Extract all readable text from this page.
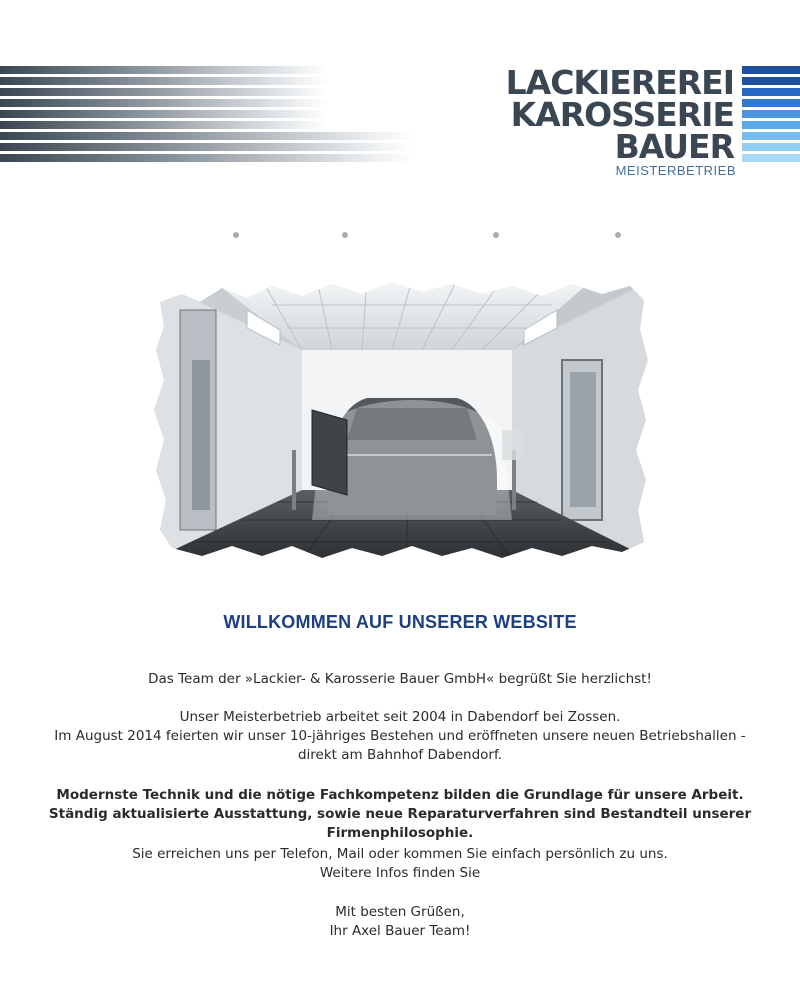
LACKIEREREI
KAROSSERIE
BAUER
MEISTERBETRIEB
WILLKOMMEN AUF UNSERER WEBSITE
Das Team der »Lackier- & Karosserie Bauer GmbH« begrüßt Sie herzlichst!
Unser Meisterbetrieb arbeitet seit 2004 in Dabendorf bei Zossen.
Im August 2014 feierten wir unser 10-jähriges Bestehen und eröffneten unsere neuen Betriebshallen -
direkt am Bahnhof Dabendorf.
Modernste Technik und die nötige Fachkompetenz bilden die Grundlage für unsere Arbeit.
Ständig aktualisierte Ausstattung, sowie neue Reparaturverfahren sind Bestandteil unserer Firmenphilosophie.
Sie erreichen uns per Telefon, Mail oder kommen Sie einfach persönlich zu uns.
Weitere Infos finden Sie
Mit besten Grüßen,
Ihr Axel Bauer Team!
